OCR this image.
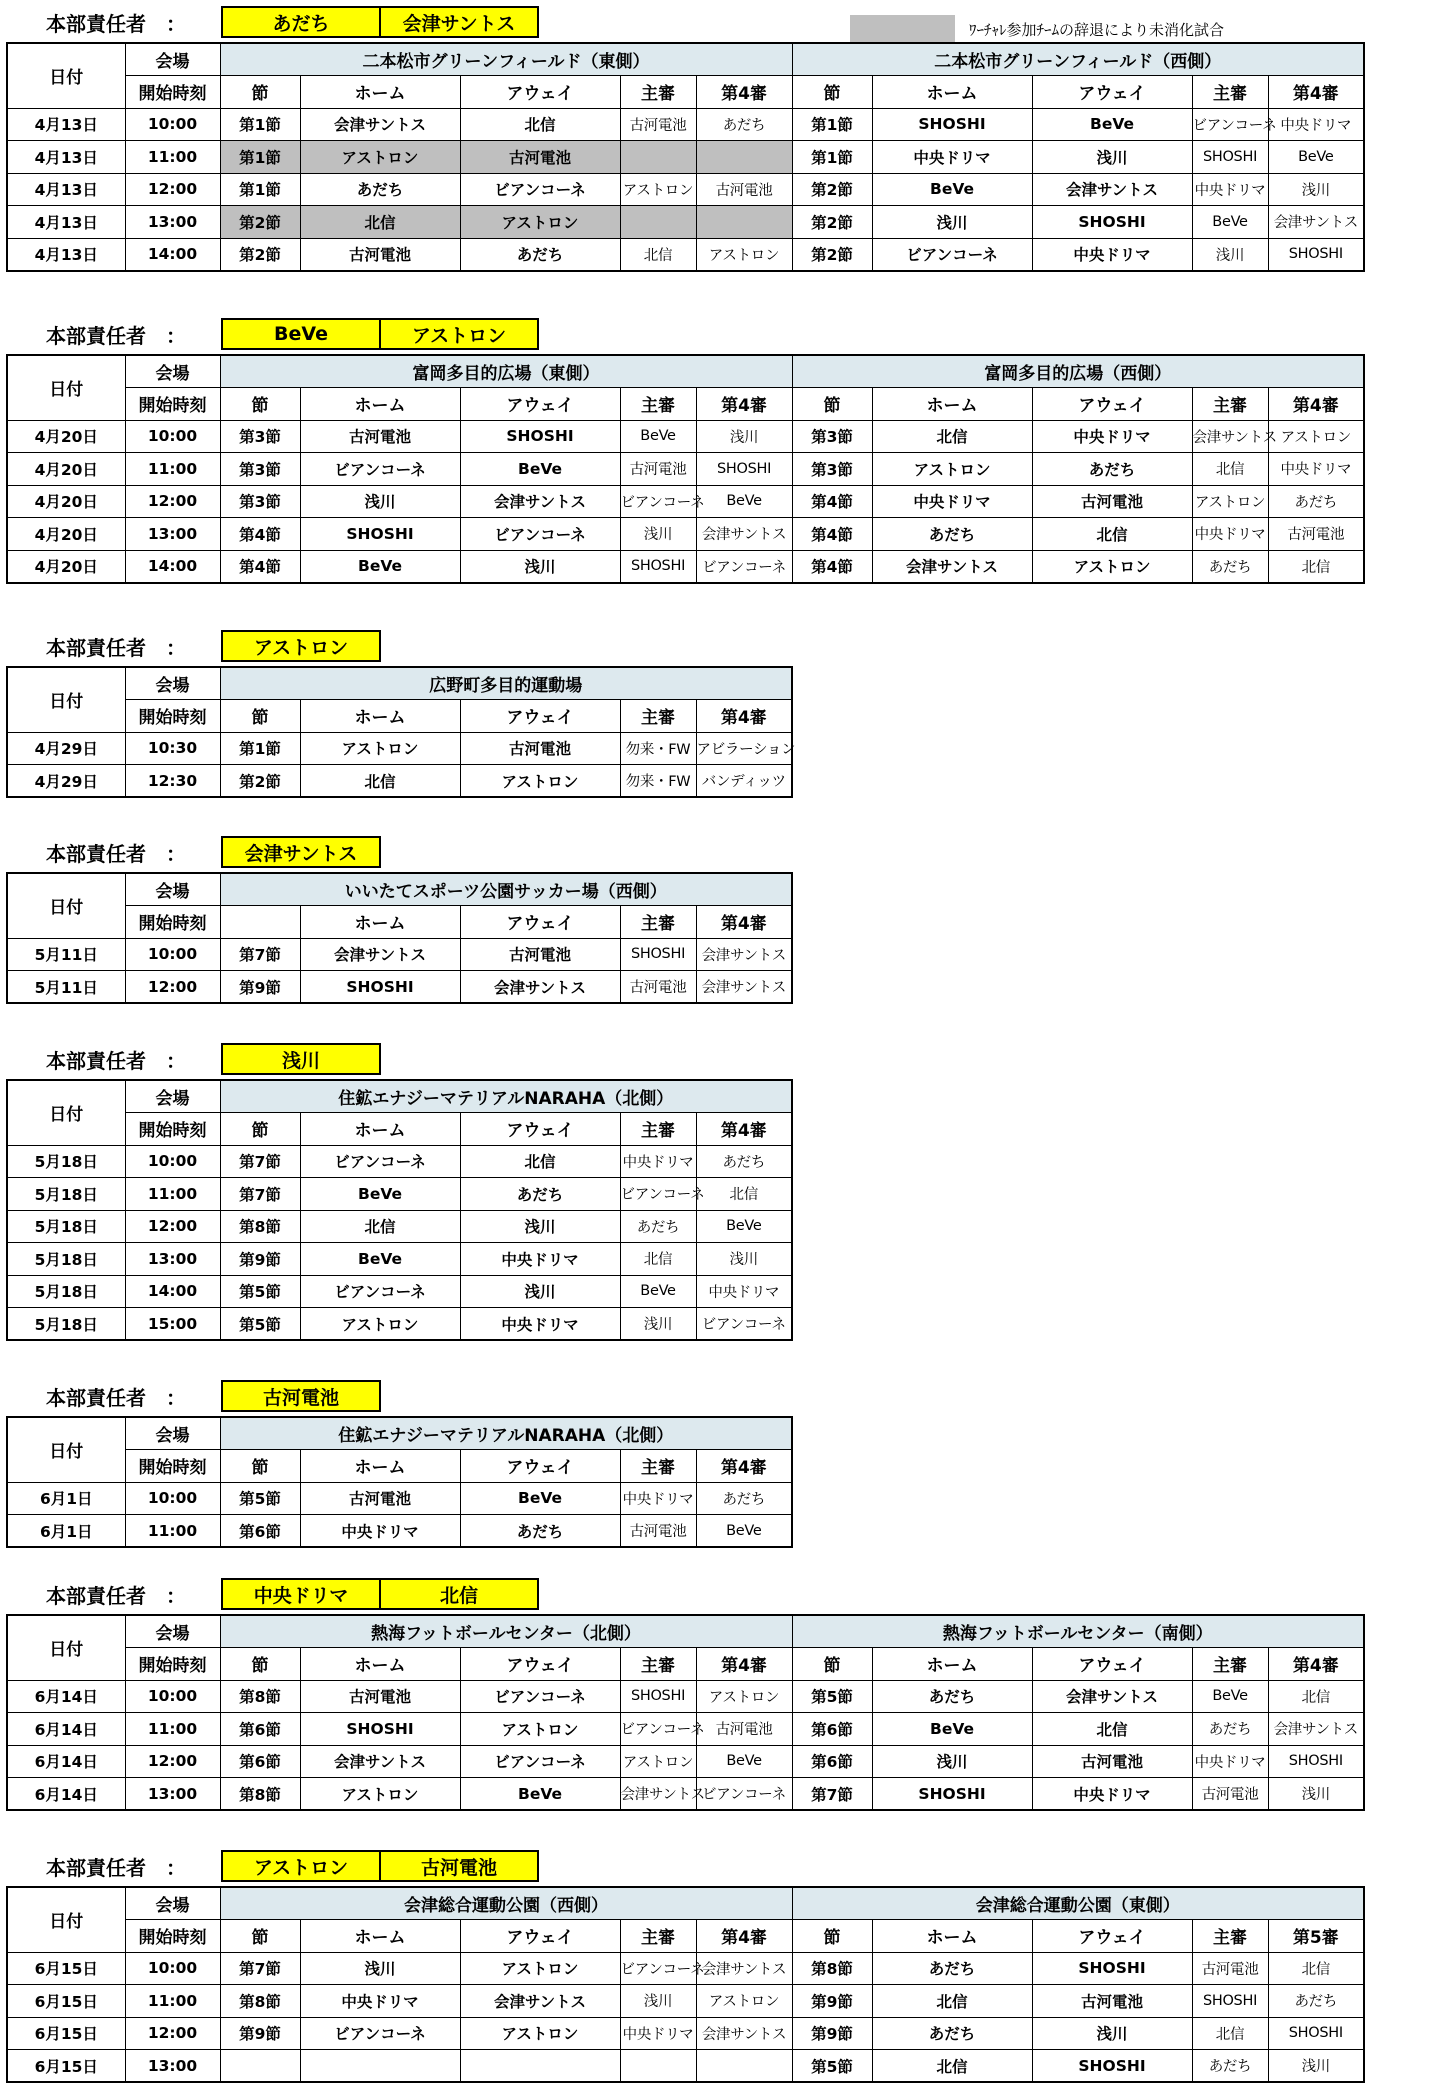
ﾜｰﾁｬﾚ参加ﾁｰﾑの辞退により未消化試合
本部責任者　：	あだち	会津サントス
日付	会場	二本松市グリーンフィールド（東側）					二本松市グリーンフィールド（西側）				
	開始時刻	節	ホーム	アウェイ	主審	第4審	節	ホーム	アウェイ	主審	第4審
4月13日	10:00	第1節	会津サントス	北信	古河電池	あだち	第1節	SHOSHI	BeVe	ビアンコーネ	中央ドリマ
4月13日	11:00	第1節	アストロン	古河電池			第1節	中央ドリマ	浅川	SHOSHI	BeVe
4月13日	12:00	第1節	あだち	ビアンコーネ	アストロン	古河電池	第2節	BeVe	会津サントス	中央ドリマ	浅川
4月13日	13:00	第2節	北信	アストロン			第2節	浅川	SHOSHI	BeVe	会津サントス
4月13日	14:00	第2節	古河電池	あだち	北信	アストロン	第2節	ビアンコーネ	中央ドリマ	浅川	SHOSHI
本部責任者　：	BeVe	アストロン
日付	会場	富岡多目的広場（東側）					富岡多目的広場（西側）				
	開始時刻	節	ホーム	アウェイ	主審	第4審	節	ホーム	アウェイ	主審	第4審
4月20日	10:00	第3節	古河電池	SHOSHI	BeVe	浅川	第3節	北信	中央ドリマ	会津サントス	アストロン
4月20日	11:00	第3節	ビアンコーネ	BeVe	古河電池	SHOSHI	第3節	アストロン	あだち	北信	中央ドリマ
4月20日	12:00	第3節	浅川	会津サントス	ビアンコーネ	BeVe	第4節	中央ドリマ	古河電池	アストロン	あだち
4月20日	13:00	第4節	SHOSHI	ビアンコーネ	浅川	会津サントス	第4節	あだち	北信	中央ドリマ	古河電池
4月20日	14:00	第4節	BeVe	浅川	SHOSHI	ビアンコーネ	第4節	会津サントス	アストロン	あだち	北信
本部責任者　：	アストロン
日付	会場	広野町多目的運動場				
	開始時刻	節	ホーム	アウェイ	主審	第4審
4月29日	10:30	第1節	アストロン	古河電池	勿来・FW	アビラーション
4月29日	12:30	第2節	北信	アストロン	勿来・FW	バンディッツ
本部責任者　：	会津サントス
日付	会場	いいたてスポーツ公園サッカー場（西側）				
	開始時刻		ホーム	アウェイ	主審	第4審
5月11日	10:00	第7節	会津サントス	古河電池	SHOSHI	会津サントス
5月11日	12:00	第9節	SHOSHI	会津サントス	古河電池	会津サントス
本部責任者　：	浅川
日付	会場	住鉱エナジーマテリアルNARAHA（北側）				
	開始時刻	節	ホーム	アウェイ	主審	第4審
5月18日	10:00	第7節	ビアンコーネ	北信	中央ドリマ	あだち
5月18日	11:00	第7節	BeVe	あだち	ビアンコーネ	北信
5月18日	12:00	第8節	北信	浅川	あだち	BeVe
5月18日	13:00	第9節	BeVe	中央ドリマ	北信	浅川
5月18日	14:00	第5節	ビアンコーネ	浅川	BeVe	中央ドリマ
5月18日	15:00	第5節	アストロン	中央ドリマ	浅川	ビアンコーネ
本部責任者　：	古河電池
日付	会場	住鉱エナジーマテリアルNARAHA（北側）				
	開始時刻	節	ホーム	アウェイ	主審	第4審
6月1日	10:00	第5節	古河電池	BeVe	中央ドリマ	あだち
6月1日	11:00	第6節	中央ドリマ	あだち	古河電池	BeVe
本部責任者　：	中央ドリマ	北信
日付	会場	熱海フットボールセンター（北側）					熱海フットボールセンター（南側）				
	開始時刻	節	ホーム	アウェイ	主審	第4審	節	ホーム	アウェイ	主審	第4審
6月14日	10:00	第8節	古河電池	ビアンコーネ	SHOSHI	アストロン	第5節	あだち	会津サントス	BeVe	北信
6月14日	11:00	第6節	SHOSHI	アストロン	ビアンコーネ	古河電池	第6節	BeVe	北信	あだち	会津サントス
6月14日	12:00	第6節	会津サントス	ビアンコーネ	アストロン	BeVe	第6節	浅川	古河電池	中央ドリマ	SHOSHI
6月14日	13:00	第8節	アストロン	BeVe	会津サントス	ビアンコーネ	第7節	SHOSHI	中央ドリマ	古河電池	浅川
本部責任者　：	アストロン	古河電池
日付	会場	会津総合運動公園（西側）					会津総合運動公園（東側）				
	開始時刻	節	ホーム	アウェイ	主審	第4審	節	ホーム	アウェイ	主審	第5審
6月15日	10:00	第7節	浅川	アストロン	ビアンコーネ	会津サントス	第8節	あだち	SHOSHI	古河電池	北信
6月15日	11:00	第8節	中央ドリマ	会津サントス	浅川	アストロン	第9節	北信	古河電池	SHOSHI	あだち
6月15日	12:00	第9節	ビアンコーネ	アストロン	中央ドリマ	会津サントス	第9節	あだち	浅川	北信	SHOSHI
6月15日	13:00						第5節	北信	SHOSHI	あだち	浅川
